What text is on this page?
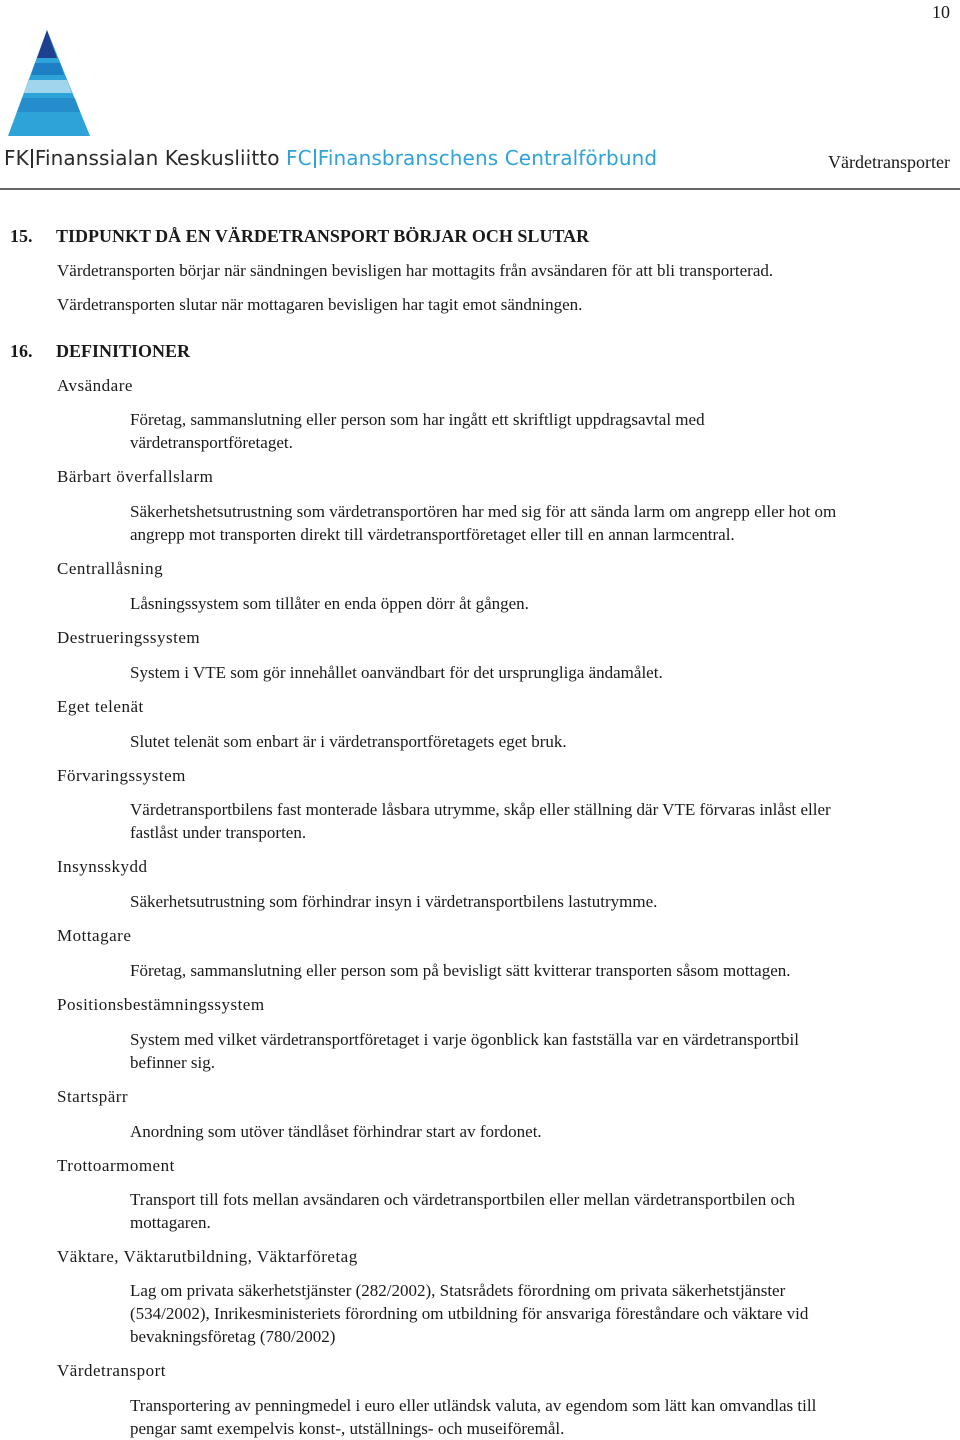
10
FK Finanssialan Keskusliitto FC Finansbranschens Centralförbund	Värdetransporter
15. TIDPUNKT DÅ EN VÄRDETRANSPORT BÖRJAR OCH SLUTAR
Värdetransporten börjar när sändningen bevisligen har mottagits från avsändaren för att bli transporterad.
Värdetransporten slutar när mottagaren bevisligen har tagit emot sändningen.
16. DEFINITIONER
Avsändare
Företag, sammanslutning eller person som har ingått ett skriftligt uppdragsavtal med
värdetransportföretaget.
Bärbart överfallslarm
Säkerhetshetsutrustning som värdetransportören har med sig för att sända larm om angrepp eller hot om
angrepp mot transporten direkt till värdetransportföretaget eller till en annan larmcentral.
Centrallåsning
Låsningssystem som tillåter en enda öppen dörr åt gången.
Destrueringssystem
System i VTE som gör innehållet oanvändbart för det ursprungliga ändamålet.
Eget telenät
Slutet telenät som enbart är i värdetransportföretagets eget bruk.
Förvaringssystem
Värdetransportbilens fast monterade låsbara utrymme, skåp eller ställning där VTE förvaras inlåst eller
fastlåst under transporten.
Insynsskydd
Säkerhetsutrustning som förhindrar insyn i värdetransportbilens lastutrymme.
Mottagare
Företag, sammanslutning eller person som på bevisligt sätt kvitterar transporten såsom mottagen.
Positionsbestämningssystem
System med vilket värdetransportföretaget i varje ögonblick kan fastställa var en värdetransportbil
befinner sig.
Startspärr
Anordning som utöver tändlåset förhindrar start av fordonet.
Trottoarmoment
Transport till fots mellan avsändaren och värdetransportbilen eller mellan värdetransportbilen och
mottagaren.
Väktare, Väktarutbildning, Väktarföretag
Lag om privata säkerhetstjänster (282/2002), Statsrådets förordning om privata säkerhetstjänster
(534/2002), Inrikesministeriets förordning om utbildning för ansvariga föreståndare och väktare vid
bevakningsföretag (780/2002)
Värdetransport
Transportering av penningmedel i euro eller utländsk valuta, av egendom som lätt kan omvandlas till
pengar samt exempelvis konst-, utställnings- och museiföremål.
